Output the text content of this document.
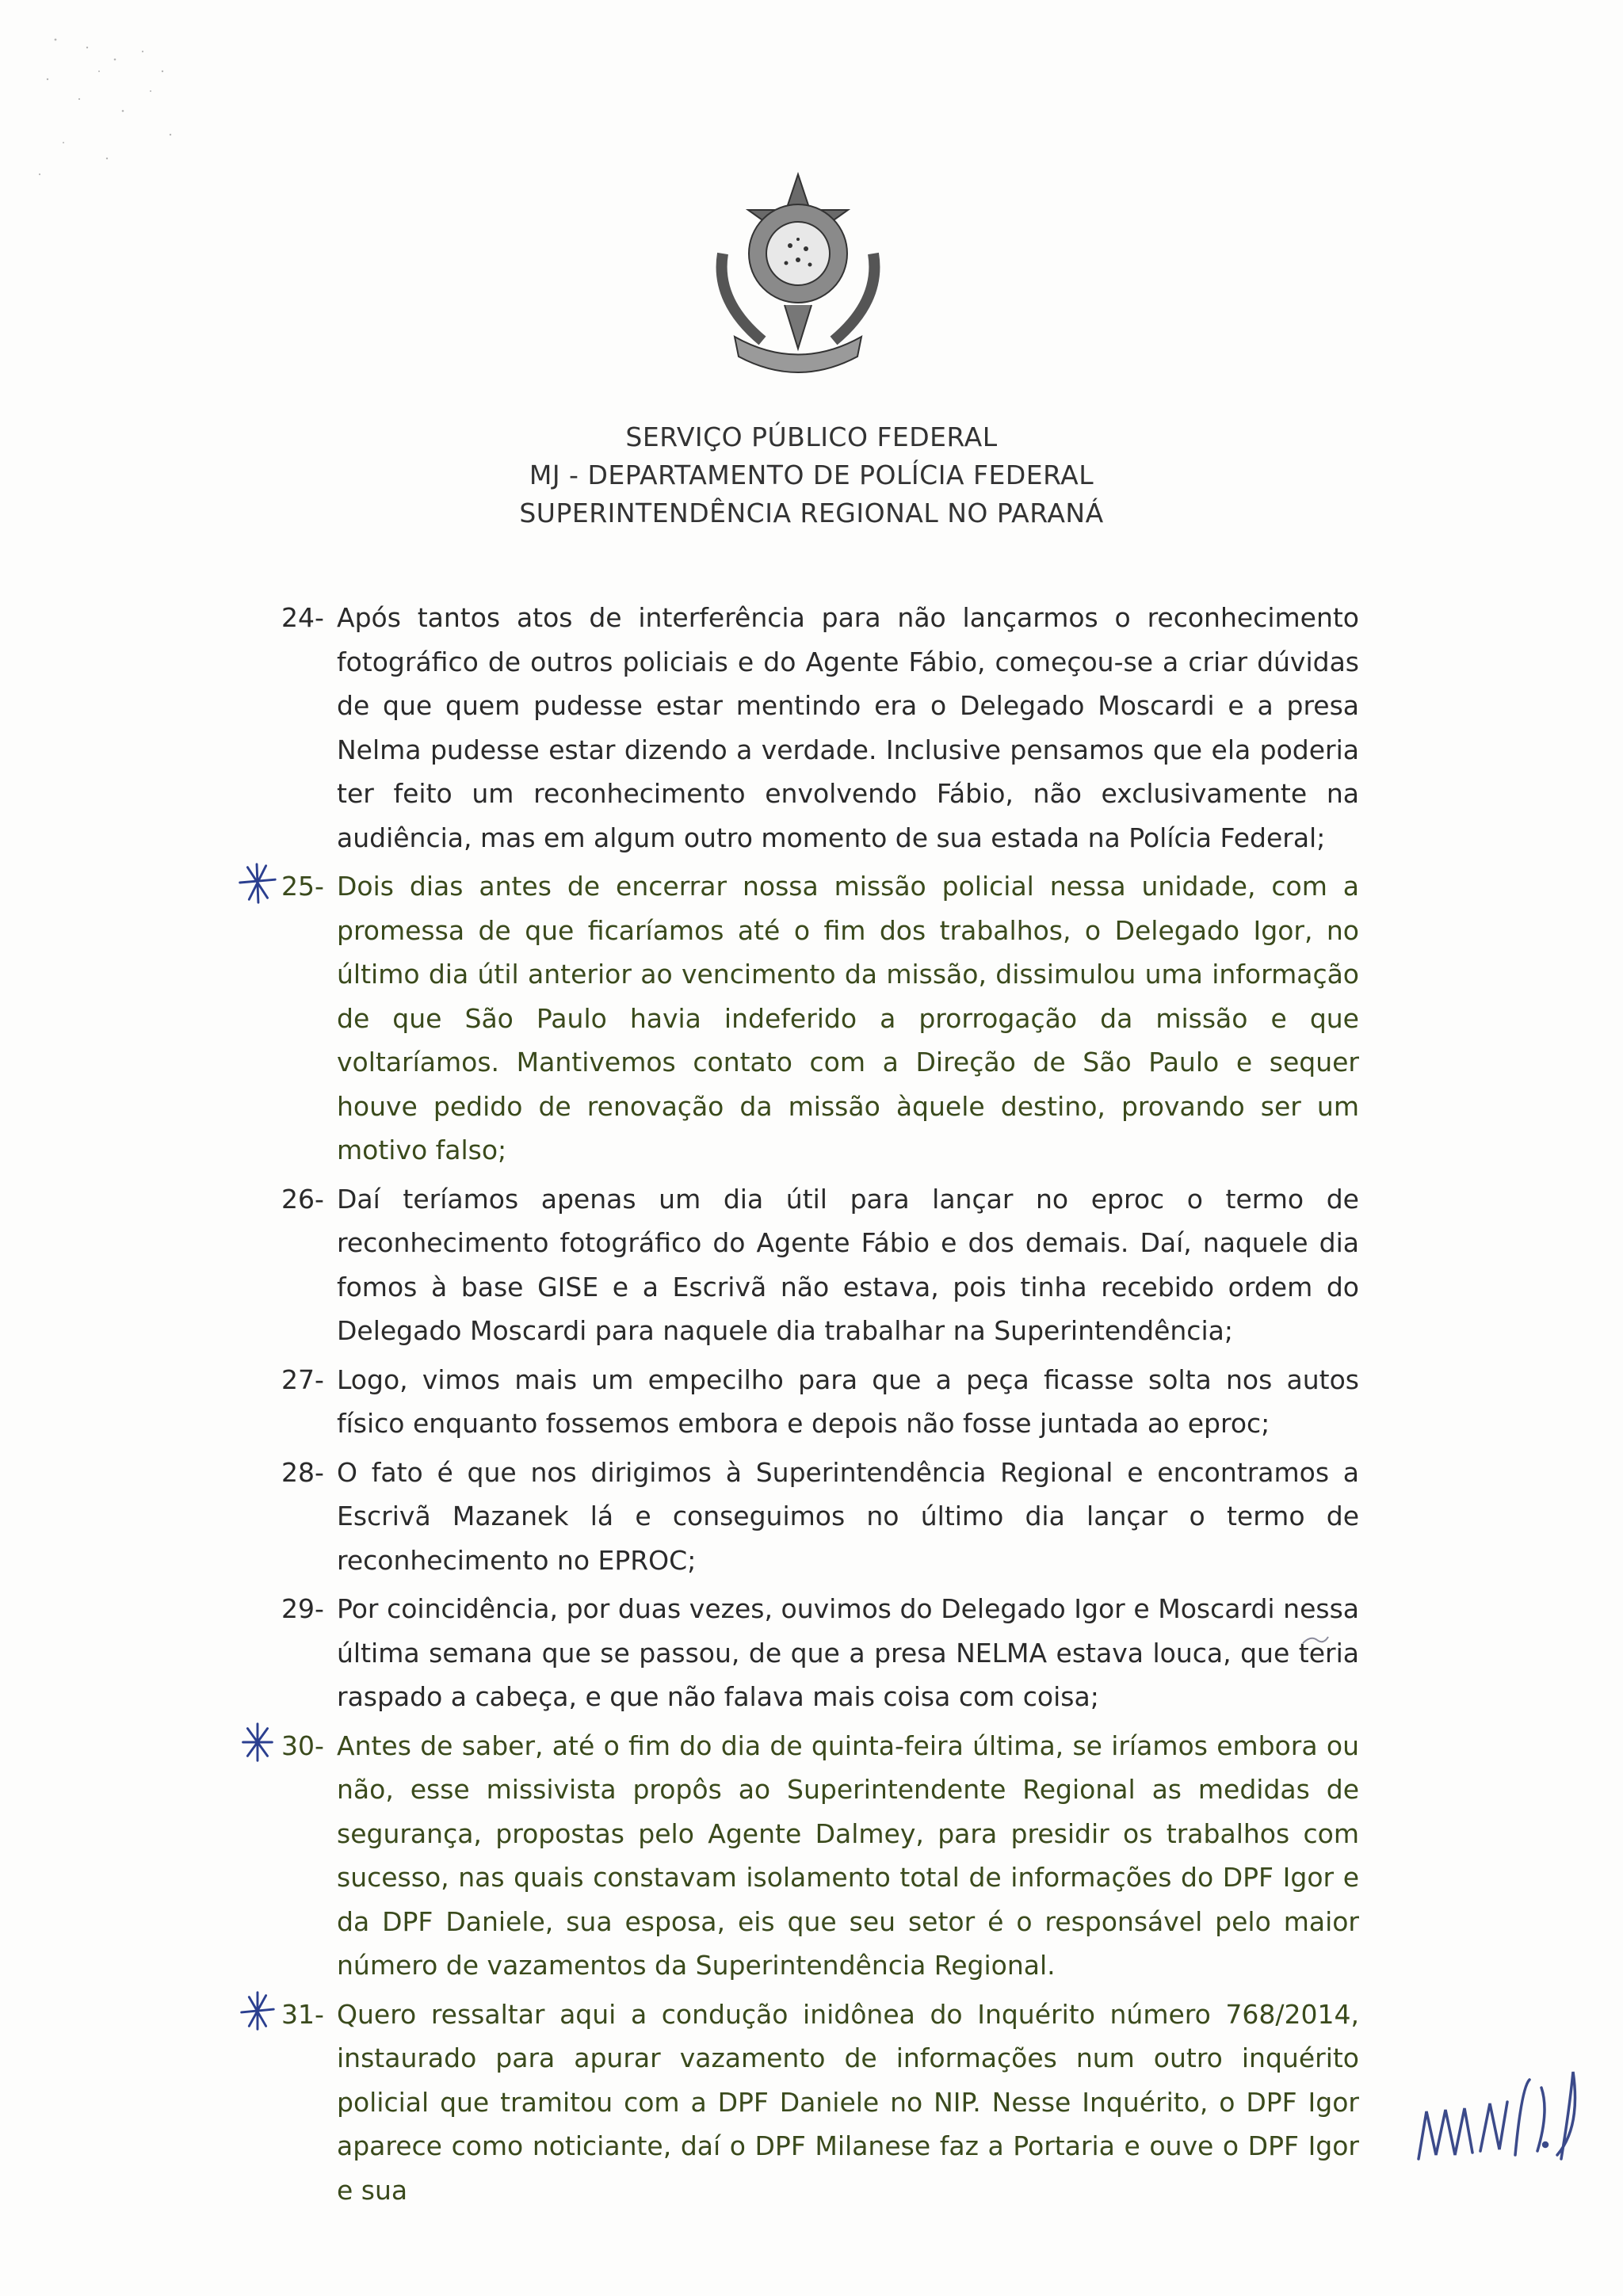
SERVIÇO PÚBLICO FEDERAL
MJ - DEPARTAMENTO DE POLÍCIA FEDERAL
SUPERINTENDÊNCIA REGIONAL NO PARANÁ
24- Após tantos atos de interferência para não lançarmos o reconhecimento fotográfico de outros policiais e do Agente Fábio, começou-se a criar dúvidas de que quem pudesse estar mentindo era o Delegado Moscardi e a presa Nelma pudesse estar dizendo a verdade. Inclusive pensamos que ela poderia ter feito um reconhecimento envolvendo Fábio, não exclusivamente na audiência, mas em algum outro momento de sua estada na Polícia Federal;
25- Dois dias antes de encerrar nossa missão policial nessa unidade, com a promessa de que ficaríamos até o fim dos trabalhos, o Delegado Igor, no último dia útil anterior ao vencimento da missão, dissimulou uma informação de que São Paulo havia indeferido a prorrogação da missão e que voltaríamos. Mantivemos contato com a Direção de São Paulo e sequer houve pedido de renovação da missão àquele destino, provando ser um motivo falso;
26- Daí teríamos apenas um dia útil para lançar no eproc o termo de reconhecimento fotográfico do Agente Fábio e dos demais. Daí, naquele dia fomos à base GISE e a Escrivã não estava, pois tinha recebido ordem do Delegado Moscardi para naquele dia trabalhar na Superintendência;
27- Logo, vimos mais um empecilho para que a peça ficasse solta nos autos físico enquanto fossemos embora e depois não fosse juntada ao eproc;
28- O fato é que nos dirigimos à Superintendência Regional e encontramos a Escrivã Mazanek lá e conseguimos no último dia lançar o termo de reconhecimento no EPROC;
29- Por coincidência, por duas vezes, ouvimos do Delegado Igor e Moscardi nessa última semana que se passou, de que a presa NELMA estava louca, que teria raspado a cabeça, e que não falava mais coisa com coisa;
30- Antes de saber, até o fim do dia de quinta-feira última, se iríamos embora ou não, esse missivista propôs ao Superintendente Regional as medidas de segurança, propostas pelo Agente Dalmey, para presidir os trabalhos com sucesso, nas quais constavam isolamento total de informações do DPF Igor e da DPF Daniele, sua esposa, eis que seu setor é o responsável pelo maior número de vazamentos da Superintendência Regional.
31- Quero ressaltar aqui a condução inidônea do Inquérito número 768/2014, instaurado para apurar vazamento de informações num outro inquérito policial que tramitou com a DPF Daniele no NIP. Nesse Inquérito, o DPF Igor aparece como noticiante, daí o DPF Milanese faz a Portaria e ouve o DPF Igor e sua
